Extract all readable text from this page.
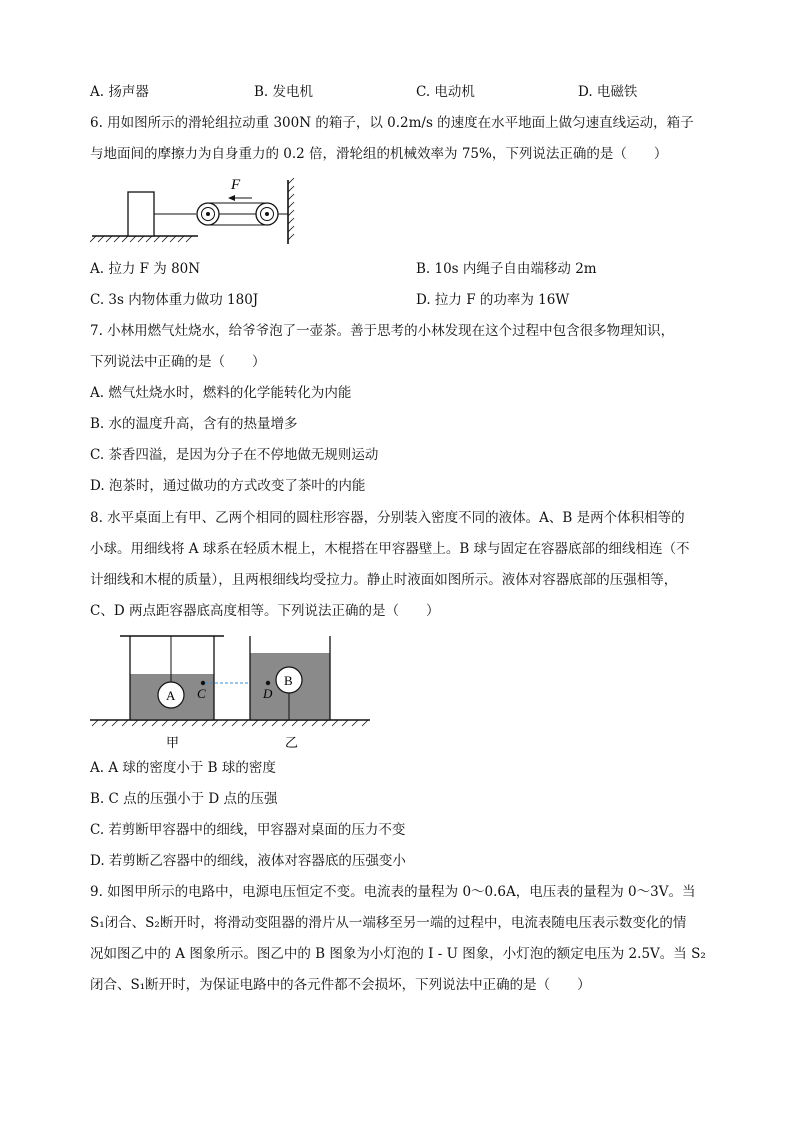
A. 扬声器	B. 发电机	C. 电动机	D. 电磁铁
6. 用如图所示的滑轮组拉动重 300N 的箱子，以 0.2m/s 的速度在水平地面上做匀速直线运动，箱子
与地面间的摩擦力为自身重力的 0.2 倍，滑轮组的机械效率为 75%，下列说法正确的是（　　）
F
A. 拉力 F 为 80N	B. 10s 内绳子自由端移动 2m
C. 3s 内物体重力做功 180J	D. 拉力 F 的功率为 16W
7. 小林用燃气灶烧水，给爷爷泡了一壶茶。善于思考的小林发现在这个过程中包含很多物理知识，
下列说法中正确的是（　　）
A. 燃气灶烧水时，燃料的化学能转化为内能
B. 水的温度升高，含有的热量增多
C. 茶香四溢，是因为分子在不停地做无规则运动
D. 泡茶时，通过做功的方式改变了茶叶的内能
8. 水平桌面上有甲、乙两个相同的圆柱形容器，分别装入密度不同的液体。A、B 是两个体积相等的
小球。用细线将 A 球系在轻质木棍上，木棍搭在甲容器壁上。B 球与固定在容器底部的细线相连（不
计细线和木棍的质量），且两根细线均受拉力。静止时液面如图所示。液体对容器底部的压强相等，
C、D 两点距容器底高度相等。下列说法正确的是（　　）
A C
B
D
甲	乙
A. A 球的密度小于 B 球的密度
B. C 点的压强小于 D 点的压强
C. 若剪断甲容器中的细线，甲容器对桌面的压力不变
D. 若剪断乙容器中的细线，液体对容器底的压强变小
9. 如图甲所示的电路中，电源电压恒定不变。电流表的量程为 0～0.6A，电压表的量程为 0～3V。当
S₁闭合、S₂断开时，将滑动变阻器的滑片从一端移至另一端的过程中，电流表随电压表示数变化的情
况如图乙中的 A 图象所示。图乙中的 B 图象为小灯泡的 I - U 图象，小灯泡的额定电压为 2.5V。当 S₂
闭合、S₁断开时，为保证电路中的各元件都不会损坏，下列说法中正确的是（　　）
